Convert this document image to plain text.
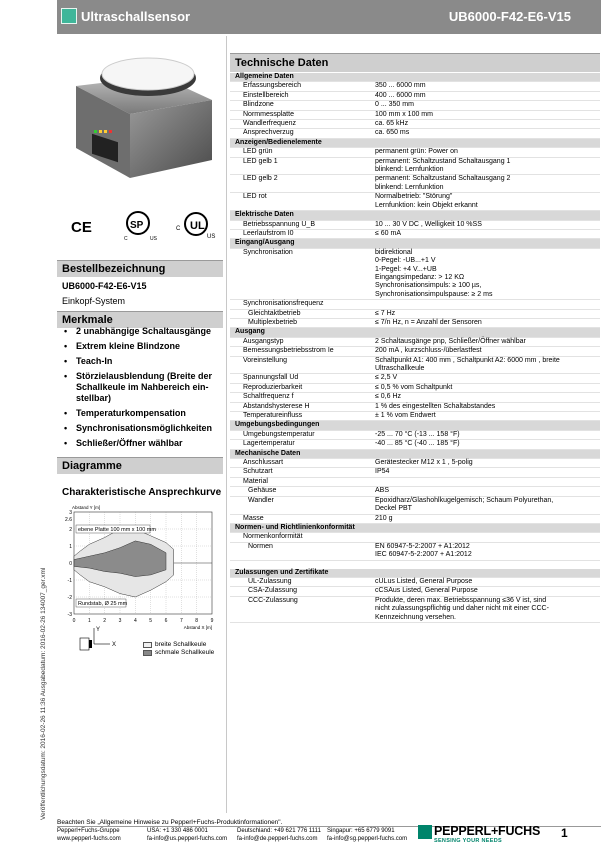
Ultraschallsensor	UB6000-F42-E6-V15
Veröffentlichungsdatum: 2016-02-26 11:36 Ausgabedatum: 2016-02-26 134007_ger.xml
CE	SP
C	US
C UL
US
Bestellbezeichnung
UB6000-F42-E6-V15
Einkopf-System
Merkmale
• 2 unabhängige Schaltausgänge
• Extrem kleine Blindzone
• Teach-In
• Störzielausblendung (Breite der Schallkeule im Nahbereich ein-stellbar)
• Temperaturkompensation
• Synchronisationsmöglichkeiten
• Schließer/Öffner wählbar
Diagramme
Charakteristische Ansprechkurve
0	1	2	3	4	5	6	7	8	9
3
2.6
2
1
0
-1
-2
-3
Abstand Y [m]
Abstand X [m]
ebene Platte 100 mm x 100 mm
Rundstab, Ø 25 mm
Y
X	breite Schallkeule
schmale Schallkeule
Technische Daten
Allgemeine Daten
Erfassungsbereich	350 ... 6000 mm
Einstellbereich	400 ... 6000 mm
Blindzone	0 ... 350 mm
Normmessplatte	100 mm x 100 mm
Wandlerfrequenz	ca. 65 kHz
Ansprechverzug	ca. 650 ms
Anzeigen/Bedienelemente
LED grün	permanent grün: Power on
LED gelb 1	permanent: Schaltzustand Schaltausgang 1
blinkend: Lernfunktion
LED gelb 2	permanent: Schaltzustand Schaltausgang 2
blinkend: Lernfunktion
LED rot	Normalbetrieb: "Störung"
Lernfunktion: kein Objekt erkannt
Elektrische Daten
Betriebsspannung U_B	10 ... 30 V DC , Welligkeit 10 %SS
Leerlaufstrom I0	≤ 60 mA
Eingang/Ausgang
Synchronisation	bidirektional
0-Pegel: -UB...+1 V
1-Pegel: +4 V...+UB
Eingangsimpedanz: > 12 KΩ
Synchronisationsimpuls: ≥ 100 µs,
Synchronisationsimpulspause: ≥ 2 ms
Synchronisationsfrequenz
Gleichtaktbetrieb	≤ 7 Hz
Multiplexbetrieb	≤ 7/n Hz, n = Anzahl der Sensoren
Ausgang
Ausgangstyp	2 Schaltausgänge pnp, Schließer/Öffner wählbar
Bemessungsbetriebsstrom Ie	200 mA , kurzschluss-/überlastfest
Voreinstellung	Schaltpunkt A1: 400 mm , Schaltpunkt A2: 6000 mm , breite Ultraschallkeule
Spannungsfall Ud	≤ 2,5 V
Reproduzierbarkeit	≤ 0,5 % vom Schaltpunkt
Schaltfrequenz f	≤ 0,6 Hz
Abstandshysterese H	1 % des eingestellten Schaltabstandes
Temperatureinfluss	± 1 % vom Endwert
Umgebungsbedingungen
Umgebungstemperatur	-25 ... 70 °C (-13 ... 158 °F)
Lagertemperatur	-40 ... 85 °C (-40 ... 185 °F)
Mechanische Daten
Anschlussart	Gerätestecker M12 x 1 , 5-polig
Schutzart	IP54
Material
Gehäuse	ABS
Wandler	Epoxidharz/Glashohlkugelgemisch; Schaum Polyurethan,
Deckel PBT
Masse	210 g
Normen- und Richtlinienkonformität
Normenkonformität
Normen	EN 60947-5-2:2007 + A1:2012
IEC 60947-5-2:2007 + A1:2012
Zulassungen und Zertifikate
UL-Zulassung	cULus Listed, General Purpose
CSA-Zulassung	cCSAus Listed, General Purpose
CCC-Zulassung	Produkte, deren max. Betriebsspannung ≤36 V ist, sind
nicht zulassungspflichtig und daher nicht mit einer CCC-
Kennzeichnung versehen.
Beachten Sie „Allgemeine Hinweise zu Pepperl+Fuchs-Produktinformationen".
Pepperl+Fuchs-Gruppe
www.pepperl-fuchs.com
USA: +1 330 486 0001
fa-info@us.pepperl-fuchs.com
Deutschland: +49 621 776 1111
fa-info@de.pepperl-fuchs.com
Singapur: +65 6779 9091
fa-info@sg.pepperl-fuchs.com
PEPPERL+FUCHS
SENSING YOUR NEEDS
1
